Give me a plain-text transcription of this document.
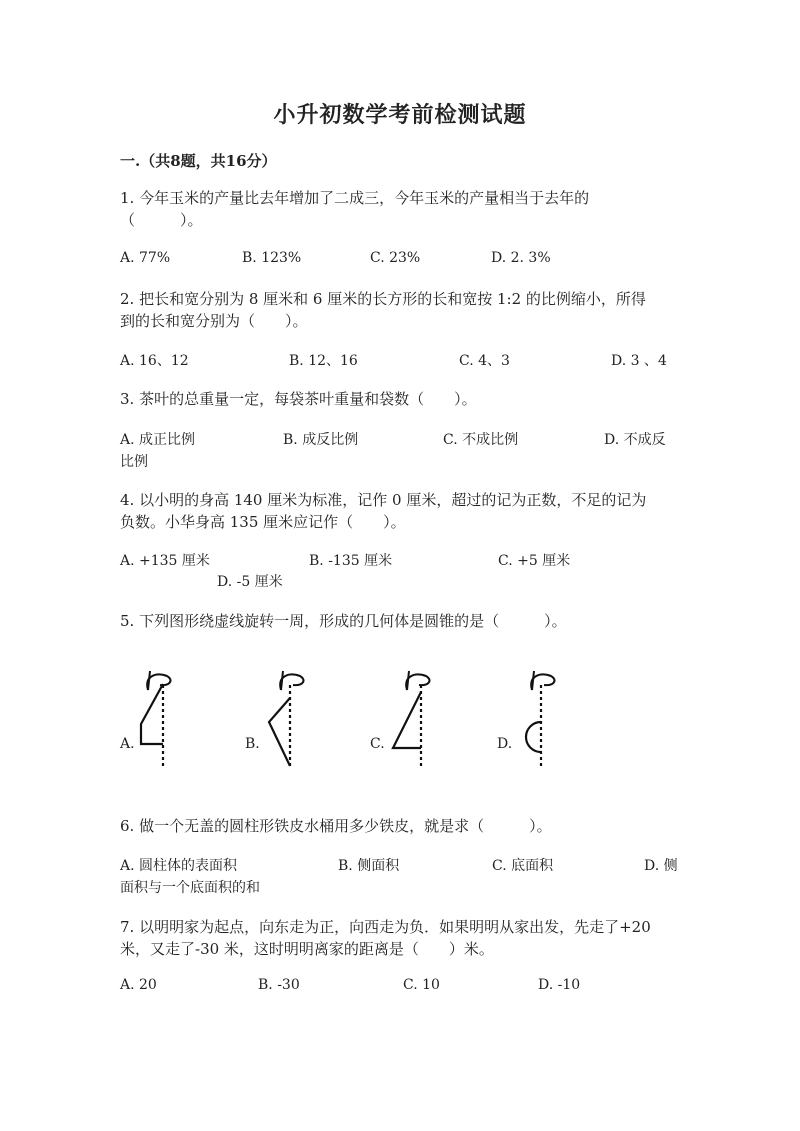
小升初数学考前检测试题
一.（共8题，共16分）
1. 今年玉米的产量比去年增加了二成三，今年玉米的产量相当于去年的
（　　　）。
A. 77%	B. 123%	C. 23%	D. 2. 3%
2. 把长和宽分别为 8 厘米和 6 厘米的长方形的长和宽按 1:2 的比例缩小，所得
到的长和宽分别为（　　）。
A. 16、12	B. 12、16	C. 4、3	D. 3 、4
3. 茶叶的总重量一定，每袋茶叶重量和袋数（　　）。
A. 成正比例	B. 成反比例	C. 不成比例	D. 不成反
比例
4. 以小明的身高 140 厘米为标准，记作 0 厘米，超过的记为正数，不足的记为
负数。小华身高 135 厘米应记作（　　）。
A. +135 厘米	B. -135 厘米	C. +5 厘米
D. -5 厘米
5. 下列图形绕虚线旋转一周，形成的几何体是圆锥的是（　　　）。
A.	B.	C.	D.
6. 做一个无盖的圆柱形铁皮水桶用多少铁皮，就是求（　　　）。
A. 圆柱体的表面积	B. 侧面积	C. 底面积	D. 侧
面积与一个底面积的和
7. 以明明家为起点，向东走为正，向西走为负．如果明明从家出发，先走了+20
米，又走了-30 米，这时明明离家的距离是（　　）米。
A. 20	B. -30	C. 10	D. -10
